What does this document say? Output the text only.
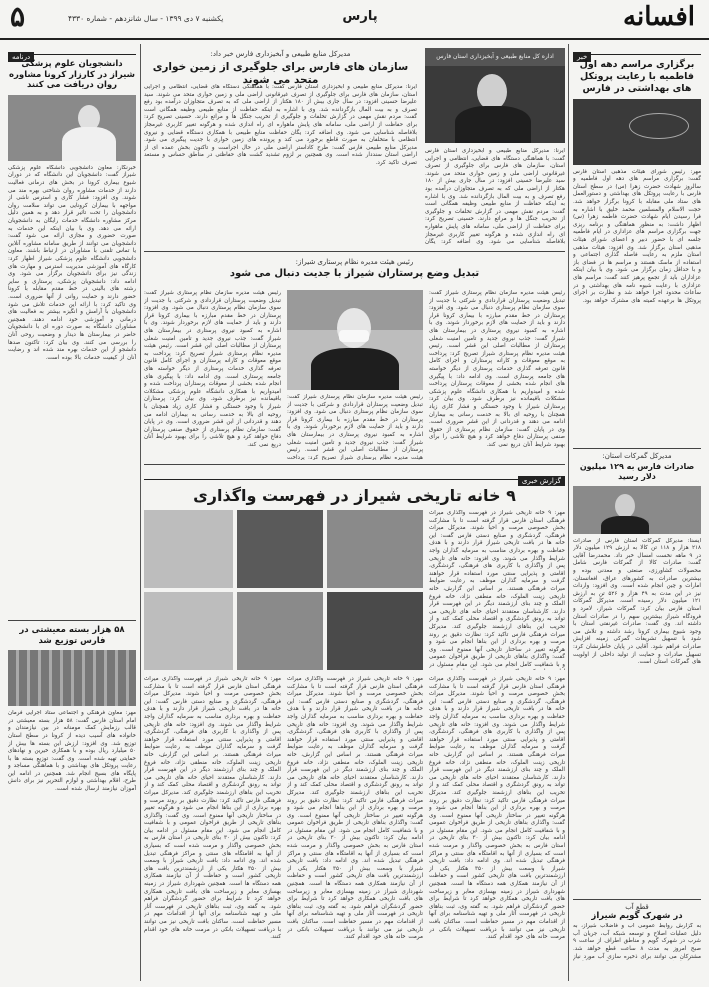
افسانه
پارس
یکشنبه ۷ دی ۱۳۹۹ - سال شانزدهم - شماره ۴۳۳۰
۵
خبر
برگزاری مراسم دهه اول فاطمیه با رعایت پروتکل های بهداشتی در فارس
مهر: رئیس شورای هیئات مذهبی استان فارس گفت: برگزاری مراسم های دهه اول فاطمیه و سالروز شهادت حضرت زهرا (س) در سطح استان فارس با رعایت پروتکل های بهداشتی و دستورالعمل های ستاد ملی مقابله با کرونا برگزار خواهد شد. حجت الاسلام والمسلمین محمد خلیق با اشاره به فرا رسیدن ایام شهادت حضرت فاطمه زهرا (س) اظهار داشت: به منظور هماهنگی و برنامه ریزی جهت برگزاری مراسم های عزاداری در ایام فاطمیه جلسه ای با حضور دبیر و اعضای شورای هیئات مذهبی استان برگزار شد. وی افزود: هیئات مذهبی استان ملزم به رعایت فاصله گذاری اجتماعی و استفاده از ماسک هستند و مراسم ها در فضای باز و با حداقل زمان برگزار می شود. وی با بیان اینکه عزاداران باید از تجمع پرهیز کنند گفت: مراسم های عزاداری با رعایت شیوه نامه های بهداشتی و در ساعات محدود اجرا خواهد شد و نظارت بر اجرای پروتکل ها برعهده کمیته های مشترک خواهد بود.
مدیرکل گمرکات استان:
صادرات فارس به ۱۲۹ میلیون دلار رسید
ایسنا: مدیرکل گمرکات استان فارس از صادرات ۲۱۸ هزار و ۱۱۸ تن کالا به ارزش ۱۲۹ میلیون دلار در ۹ ماهه نخست امسال خبر داد. محمدرضا آقایی گفت: صادرات کالا از گمرکات فارس شامل محصولات کشاورزی، صنعتی و معدنی بوده و بیشترین صادرات به کشورهای عراق، افغانستان، امارات و چین انجام شده است. وی افزود: واردات نیز در این مدت به ۴۹ هزار و ۵۲۶ تن به ارزش ۱۲۱ میلیون دلار رسیده است. مدیرکل گمرکات استان فارس بیان کرد: گمرکات شیراز، لامرد و فرودگاه شیراز بیشترین سهم را در صادرات استان داشته اند. وی گفت: صادرات غیرنفتی استان با وجود شیوع بیماری کرونا رشد داشته و تلاش می شود با تسهیل تشریفات گمرکی زمینه افزایش صادرات فراهم شود. آقایی در پایان خاطرنشان کرد: تسهیل صادرات و حمایت از تولید داخلی از اولویت های گمرکات استان است.
قطع آب
در شهرک گویم شیراز
به گزارش روابط عمومی آب و فاضلاب شیراز، به دلیل عملیات اصلاح و توسعه شبکه آب، جریان آب شرب در شهرک گویم و مناطق اطراف از ساعت ۹ صبح امروز به مدت ۸ ساعت قطع خواهد شد. مشترکان می توانند برای ذخیره سازی آب مورد نیاز
اداره کل منابع طبیعی و آبخیزداری استان فارس
مدیرکل منابع طبیعی و آبخیزداری فارس خبر داد:
سازمان های فارس برای جلوگیری از زمین خواری متحد می شوند
ایرنا: مدیرکل منابع طبیعی و آبخیزداری استان فارس گفت: با هماهنگی دستگاه های قضایی، انتظامی و اجرایی استان، سازمان های فارس برای جلوگیری از تصرف غیرقانونی اراضی ملی و زمین خواری متحد می شوند. سید علیرضا حسینی افزود: در سال جاری بیش از ۱۸۰ هکتار از اراضی ملی که به تصرف متجاوزان درآمده بود رفع تصرف و به بیت المال بازگردانده شد. وی با اشاره به اینکه حفاظت از منابع طبیعی وظیفه همگانی است گفت: مردم نقش مهمی در گزارش تخلفات و جلوگیری از تخریب جنگل ها و مراتع دارند. حسینی تصریح کرد: برای حفاظت از اراضی ملی، سامانه های پایش ماهواره ای راه اندازی شده و هرگونه تغییر کاربری غیرمجاز بلافاصله شناسایی می شود. وی اضافه کرد: یگان حفاظت منابع طبیعی با همکاری دستگاه قضایی و نیروی انتظامی با متخلفان به صورت قاطع برخورد می کند و پرونده های زمین خواری با جدیت پیگیری می شود. مدیرکل منابع طبیعی فارس گفت: طرح کاداستر اراضی ملی در حال اجراست و تاکنون بخش عمده ای از اراضی استان سنددار شده است. وی همچنین بر لزوم تشدید گشت های حفاظتی در مناطق حساس و مستعد تصرف تاکید کرد.
ایرنا: مدیرکل منابع طبیعی و آبخیزداری استان فارس گفت: با هماهنگی دستگاه های قضایی، انتظامی و اجرایی استان، سازمان های فارس برای جلوگیری از تصرف غیرقانونی اراضی ملی و زمین خواری متحد می شوند. سید علیرضا حسینی افزود: در سال جاری بیش از ۱۸۰ هکتار از اراضی ملی که به تصرف متجاوزان درآمده بود رفع تصرف و به بیت المال بازگردانده شد. وی با اشاره به اینکه حفاظت از منابع طبیعی وظیفه همگانی است گفت: مردم نقش مهمی در گزارش تخلفات و جلوگیری از تخریب جنگل ها و مراتع دارند. حسینی تصریح کرد: برای حفاظت از اراضی ملی، سامانه های پایش ماهواره ای راه اندازی شده و هرگونه تغییر کاربری غیرمجاز بلافاصله شناسایی می شود. وی اضافه کرد: یگان
رئیس هیئت مدیره نظام پرستاری شیراز:
تبدیل وضع پرستاران شیراز با جدیت دنبال می شود
رئیس هیئت مدیره سازمان نظام پرستاری شیراز گفت: تبدیل وضعیت پرستاران قراردادی و شرکتی با جدیت از سوی سازمان نظام پرستاری دنبال می شود. وی افزود: پرستاران در خط مقدم مبارزه با بیماری کرونا قرار دارند و باید از حمایت های لازم برخوردار شوند. وی با اشاره به کمبود نیروی پرستاری در بیمارستان های شیراز گفت: جذب نیروی جدید و تامین امنیت شغلی پرستاران از مطالبات اصلی این قشر است. رئیس هیئت مدیره نظام پرستاری شیراز تصریح کرد: پرداخت به موقع معوقات و کارانه پرستاران و اجرای کامل قانون تعرفه گذاری خدمات پرستاری از دیگر خواسته های جامعه پرستاری است. وی ادامه داد: با پیگیری های انجام شده بخشی از معوقات پرستاران پرداخت شده و امیدواریم با همکاری دانشگاه علوم پزشکی مشکلات باقیمانده نیز برطرف شود. وی بیان کرد: پرستاران شیراز با وجود خستگی و فشار کاری زیاد همچنان با روحیه ای بالا به خدمت رسانی به بیماران ادامه می دهند و قدردانی از این قشر ضروری است. وی در پایان گفت: سازمان نظام پرستاری از حقوق صنفی پرستاران دفاع خواهد کرد و هیچ تلاشی را برای بهبود شرایط آنان دریغ نمی کند.
رئیس هیئت مدیره سازمان نظام پرستاری شیراز گفت: تبدیل وضعیت پرستاران قراردادی و شرکتی با جدیت از سوی سازمان نظام پرستاری دنبال می شود. وی افزود: پرستاران در خط مقدم مبارزه با بیماری کرونا قرار دارند و باید از حمایت های لازم برخوردار شوند. وی با اشاره به کمبود نیروی پرستاری در بیمارستان های شیراز گفت: جذب نیروی جدید و تامین امنیت شغلی پرستاران از مطالبات اصلی این قشر است. رئیس هیئت مدیره نظام پرستاری شیراز تصریح کرد: پرداخت
رئیس هیئت مدیره سازمان نظام پرستاری شیراز گفت: تبدیل وضعیت پرستاران قراردادی و شرکتی با جدیت از سوی سازمان نظام پرستاری دنبال می شود. وی افزود: پرستاران در خط مقدم مبارزه با بیماری کرونا قرار دارند و باید از حمایت های لازم برخوردار شوند. وی با اشاره به کمبود نیروی پرستاری در بیمارستان های شیراز گفت: جذب نیروی جدید و تامین امنیت شغلی پرستاران از مطالبات اصلی این قشر است. رئیس هیئت مدیره نظام پرستاری شیراز تصریح کرد: پرداخت به موقع معوقات و کارانه پرستاران و اجرای کامل قانون تعرفه گذاری خدمات پرستاری از دیگر خواسته های جامعه پرستاری است. وی ادامه داد: با پیگیری های انجام شده بخشی از معوقات پرستاران پرداخت شده و امیدواریم با همکاری دانشگاه علوم پزشکی مشکلات باقیمانده نیز برطرف شود. وی بیان کرد: پرستاران شیراز با وجود خستگی و فشار کاری زیاد همچنان با روحیه ای بالا به خدمت رسانی به بیماران ادامه می دهند و قدردانی از این قشر ضروری است. وی در پایان گفت: سازمان نظام پرستاری از حقوق صنفی پرستاران دفاع خواهد کرد و هیچ تلاشی را برای بهبود شرایط آنان دریغ نمی کند.
گزارش خبری
۹ خانه تاریخی شیراز در فهرست واگذاری
مهر: ۹ خانه تاریخی شیراز در فهرست واگذاری میراث فرهنگی استان فارس قرار گرفته است تا با مشارکت بخش خصوصی مرمت و احیا شوند. مدیرکل میراث فرهنگی، گردشگری و صنایع دستی فارس گفت: این خانه ها در بافت تاریخی شیراز قرار دارند و با هدف حفاظت و بهره برداری مناسب به سرمایه گذاران واجد شرایط واگذار می شوند. وی افزود: خانه های تاریخی پس از واگذاری با کاربری های فرهنگی، گردشگری، اقامتی و پذیرایی سنتی مورد استفاده قرار خواهند گرفت و سرمایه گذاران موظف به رعایت ضوابط میراث فرهنگی هستند. بر اساس این گزارش، خانه تاریخی زینت الملوک، خانه منطقی نژاد، خانه فروغ الملک و چند بنای ارزشمند دیگر در این فهرست قرار دارند. کارشناسان معتقدند احیای خانه های تاریخی می تواند به رونق گردشگری و اقتصاد محلی کمک کند و از تخریب این بناهای ارزشمند جلوگیری کند. مدیرکل میراث فرهنگی فارس تاکید کرد: نظارت دقیق بر روند مرمت و بهره برداری از این بناها انجام می شود و هرگونه تغییر در ساختار تاریخی آنها ممنوع است. وی گفت: واگذاری بناهای تاریخی از طریق فراخوان عمومی و با شفافیت کامل انجام می شود. این مقام مسئول در
مهر: ۹ خانه تاریخی شیراز در فهرست واگذاری میراث فرهنگی استان فارس قرار گرفته است تا با مشارکت بخش خصوصی مرمت و احیا شوند. مدیرکل میراث فرهنگی، گردشگری و صنایع دستی فارس گفت: این خانه ها در بافت تاریخی شیراز قرار دارند و با هدف حفاظت و بهره برداری مناسب به سرمایه گذاران واجد شرایط واگذار می شوند. وی افزود: خانه های تاریخی پس از واگذاری با کاربری های فرهنگی، گردشگری، اقامتی و پذیرایی سنتی مورد استفاده قرار خواهند گرفت و سرمایه گذاران موظف به رعایت ضوابط میراث فرهنگی هستند. بر اساس این گزارش، خانه تاریخی زینت الملوک، خانه منطقی نژاد، خانه فروغ الملک و چند بنای ارزشمند دیگر در این فهرست قرار دارند. کارشناسان معتقدند احیای خانه های تاریخی می تواند به رونق گردشگری و اقتصاد محلی کمک کند و از تخریب این بناهای ارزشمند جلوگیری کند. مدیرکل میراث فرهنگی فارس تاکید کرد: نظارت دقیق بر روند مرمت و بهره برداری از این بناها انجام می شود و هرگونه تغییر در ساختار تاریخی آنها ممنوع است. وی گفت: واگذاری بناهای تاریخی از طریق فراخوان عمومی و با شفافیت کامل انجام می شود. این مقام مسئول در ادامه بیان کرد: تاکنون بیش از ۳۰ بنای تاریخی در استان فارس به بخش خصوصی واگذار و مرمت شده است که بسیاری از آنها به اقامتگاه های سنتی و مراکز فرهنگی تبدیل شده اند. وی ادامه داد: بافت تاریخی شیراز با وسعت بیش از ۳۵۰ هکتار یکی از ارزشمندترین بافت های تاریخی کشور است و حفاظت از آن نیازمند همکاری همه دستگاه ها است. همچنین شهرداری شیراز در زمینه بهسازی معابر و زیرساخت های بافت تاریخی همکاری خواهد کرد تا شرایط برای حضور گردشگران فراهم شود. به گفته وی، ثبت بناهای تاریخی در فهرست آثار ملی و تهیه شناسنامه برای آنها از اقدامات مهم در مسیر حفاظت است. ساکنان بافت تاریخی نیز می توانند با دریافت تسهیلات بانکی در مرمت خانه های خود اقدام کنند.
مهر: ۹ خانه تاریخی شیراز در فهرست واگذاری میراث فرهنگی استان فارس قرار گرفته است تا با مشارکت بخش خصوصی مرمت و احیا شوند. مدیرکل میراث فرهنگی، گردشگری و صنایع دستی فارس گفت: این خانه ها در بافت تاریخی شیراز قرار دارند و با هدف حفاظت و بهره برداری مناسب به سرمایه گذاران واجد شرایط واگذار می شوند. وی افزود: خانه های تاریخی پس از واگذاری با کاربری های فرهنگی، گردشگری، اقامتی و پذیرایی سنتی مورد استفاده قرار خواهند گرفت و سرمایه گذاران موظف به رعایت ضوابط میراث فرهنگی هستند. بر اساس این گزارش، خانه تاریخی زینت الملوک، خانه منطقی نژاد، خانه فروغ الملک و چند بنای ارزشمند دیگر در این فهرست قرار دارند. کارشناسان معتقدند احیای خانه های تاریخی می تواند به رونق گردشگری و اقتصاد محلی کمک کند و از تخریب این بناهای ارزشمند جلوگیری کند. مدیرکل میراث فرهنگی فارس تاکید کرد: نظارت دقیق بر روند مرمت و بهره برداری از این بناها انجام می شود و هرگونه تغییر در ساختار تاریخی آنها ممنوع است. وی گفت: واگذاری بناهای تاریخی از طریق فراخوان عمومی و با شفافیت کامل انجام می شود. این مقام مسئول در ادامه بیان کرد: تاکنون بیش از ۳۰ بنای تاریخی در استان فارس به بخش خصوصی واگذار و مرمت شده است که بسیاری از آنها به اقامتگاه های سنتی و مراکز فرهنگی تبدیل شده اند. وی ادامه داد: بافت تاریخی شیراز با وسعت بیش از ۳۵۰ هکتار یکی از ارزشمندترین بافت های تاریخی کشور است و حفاظت از آن نیازمند همکاری همه دستگاه ها است. همچنین شهرداری شیراز در زمینه بهسازی معابر و زیرساخت های بافت تاریخی همکاری خواهد کرد تا شرایط برای حضور گردشگران فراهم شود. به گفته وی، ثبت بناهای تاریخی در فهرست آثار ملی و تهیه شناسنامه برای آنها از اقدامات مهم در مسیر حفاظت است. ساکنان بافت تاریخی نیز می توانند با دریافت تسهیلات بانکی در مرمت خانه های خود اقدام کنند.
مهر: ۹ خانه تاریخی شیراز در فهرست واگذاری میراث فرهنگی استان فارس قرار گرفته است تا با مشارکت بخش خصوصی مرمت و احیا شوند. مدیرکل میراث فرهنگی، گردشگری و صنایع دستی فارس گفت: این خانه ها در بافت تاریخی شیراز قرار دارند و با هدف حفاظت و بهره برداری مناسب به سرمایه گذاران واجد شرایط واگذار می شوند. وی افزود: خانه های تاریخی پس از واگذاری با کاربری های فرهنگی، گردشگری، اقامتی و پذیرایی سنتی مورد استفاده قرار خواهند گرفت و سرمایه گذاران موظف به رعایت ضوابط میراث فرهنگی هستند. بر اساس این گزارش، خانه تاریخی زینت الملوک، خانه منطقی نژاد، خانه فروغ الملک و چند بنای ارزشمند دیگر در این فهرست قرار دارند. کارشناسان معتقدند احیای خانه های تاریخی می تواند به رونق گردشگری و اقتصاد محلی کمک کند و از تخریب این بناهای ارزشمند جلوگیری کند. مدیرکل میراث فرهنگی فارس تاکید کرد: نظارت دقیق بر روند مرمت و بهره برداری از این بناها انجام می شود و هرگونه تغییر در ساختار تاریخی آنها ممنوع است. وی گفت: واگذاری بناهای تاریخی از طریق فراخوان عمومی و با شفافیت کامل انجام می شود. این مقام مسئول در ادامه بیان کرد: تاکنون بیش از ۳۰ بنای تاریخی در استان فارس به بخش خصوصی واگذار و مرمت شده است که بسیاری از آنها به اقامتگاه های سنتی و مراکز فرهنگی تبدیل شده اند. وی ادامه داد: بافت تاریخی شیراز با وسعت بیش از ۳۵۰ هکتار یکی از ارزشمندترین بافت های تاریخی کشور است و حفاظت از آن نیازمند همکاری همه دستگاه ها است. همچنین شهرداری شیراز در زمینه بهسازی معابر و زیرساخت های بافت تاریخی همکاری خواهد کرد تا شرایط برای حضور گردشگران فراهم شود. به گفته وی، ثبت بناهای تاریخی در فهرست آثار ملی و تهیه شناسنامه برای آنها از اقدامات مهم در مسیر حفاظت است. ساکنان بافت تاریخی نیز می توانند با دریافت تسهیلات بانکی در مرمت خانه های خود اقدام کنند.
درنامه
دانشجویان علوم پزشکی شیراز در کارزار کرونا مشاوره روان دریافت می کنند
خبرنگار: معاون دانشجویی دانشگاه علوم پزشکی شیراز گفت: دانشجویان این دانشگاه که در دوران شیوع بیماری کرونا در بخش های درمانی فعالیت دارند از خدمات مشاوره روان شناختی بهره مند می شوند. وی افزود: فشار کاری و استرس ناشی از مواجهه با بیماران کرونایی می تواند سلامت روان دانشجویان را تحت تاثیر قرار دهد و به همین دلیل مرکز مشاوره دانشگاه خدمات رایگان به دانشجویان ارائه می دهد. وی با بیان اینکه این خدمات به صورت حضوری و مجازی ارائه می شود گفت: دانشجویان می توانند از طریق سامانه مشاوره آنلاین یا تماس تلفنی با مشاوران در ارتباط باشند. معاون دانشجویی دانشگاه علوم پزشکی شیراز اظهار کرد: کارگاه های آموزشی مدیریت استرس و مهارت های زندگی نیز برای دانشجویان برگزار می شود. وی ادامه داد: دانشجویان پزشکی، پرستاری و سایر رشته های بالینی در خط مقدم مقابله با کرونا حضور دارند و حمایت روانی از آنها ضروری است. وی تاکید کرد: با ارائه این خدمات تلاش می شود دانشجویان با آرامش و انگیزه بیشتر به فعالیت های درمانی و آموزشی خود ادامه دهند. همچنین مشاوران دانشگاه به صورت دوره ای با دانشجویان حاضر در بیمارستان ها دیدار و وضعیت روحی آنان را بررسی می کنند. وی بیان کرد: تاکنون صدها دانشجو از این خدمات بهره مند شده اند و رضایت آنان از کیفیت خدمات بالا بوده است.
۵۸ هزار بسته معیشتی در فارس توزیع شد
مهر: معاون فرهنگی و اجتماعی ستاد اجرایی فرمان امام استان فارس گفت: ۵۸ هزار بسته معیشتی در قالب رزمایش کمک مومنانه در بین نیازمندان و خانواده های آسیب دیده از کرونا در سطح استان توزیع شد. وی افزود: ارزش این بسته ها بیش از ۵۰ میلیارد ریال بوده و با همکاری خیرین و نهادهای حمایتی تهیه شده است. وی گفت: توزیع بسته ها با رعایت پروتکل های بهداشتی و با هماهنگی مساجد و پایگاه های بسیج انجام شد. همچنین در ادامه این طرح، اقلام بهداشتی و لوازم التحریر نیز برای دانش آموزان نیازمند ارسال شده است.
